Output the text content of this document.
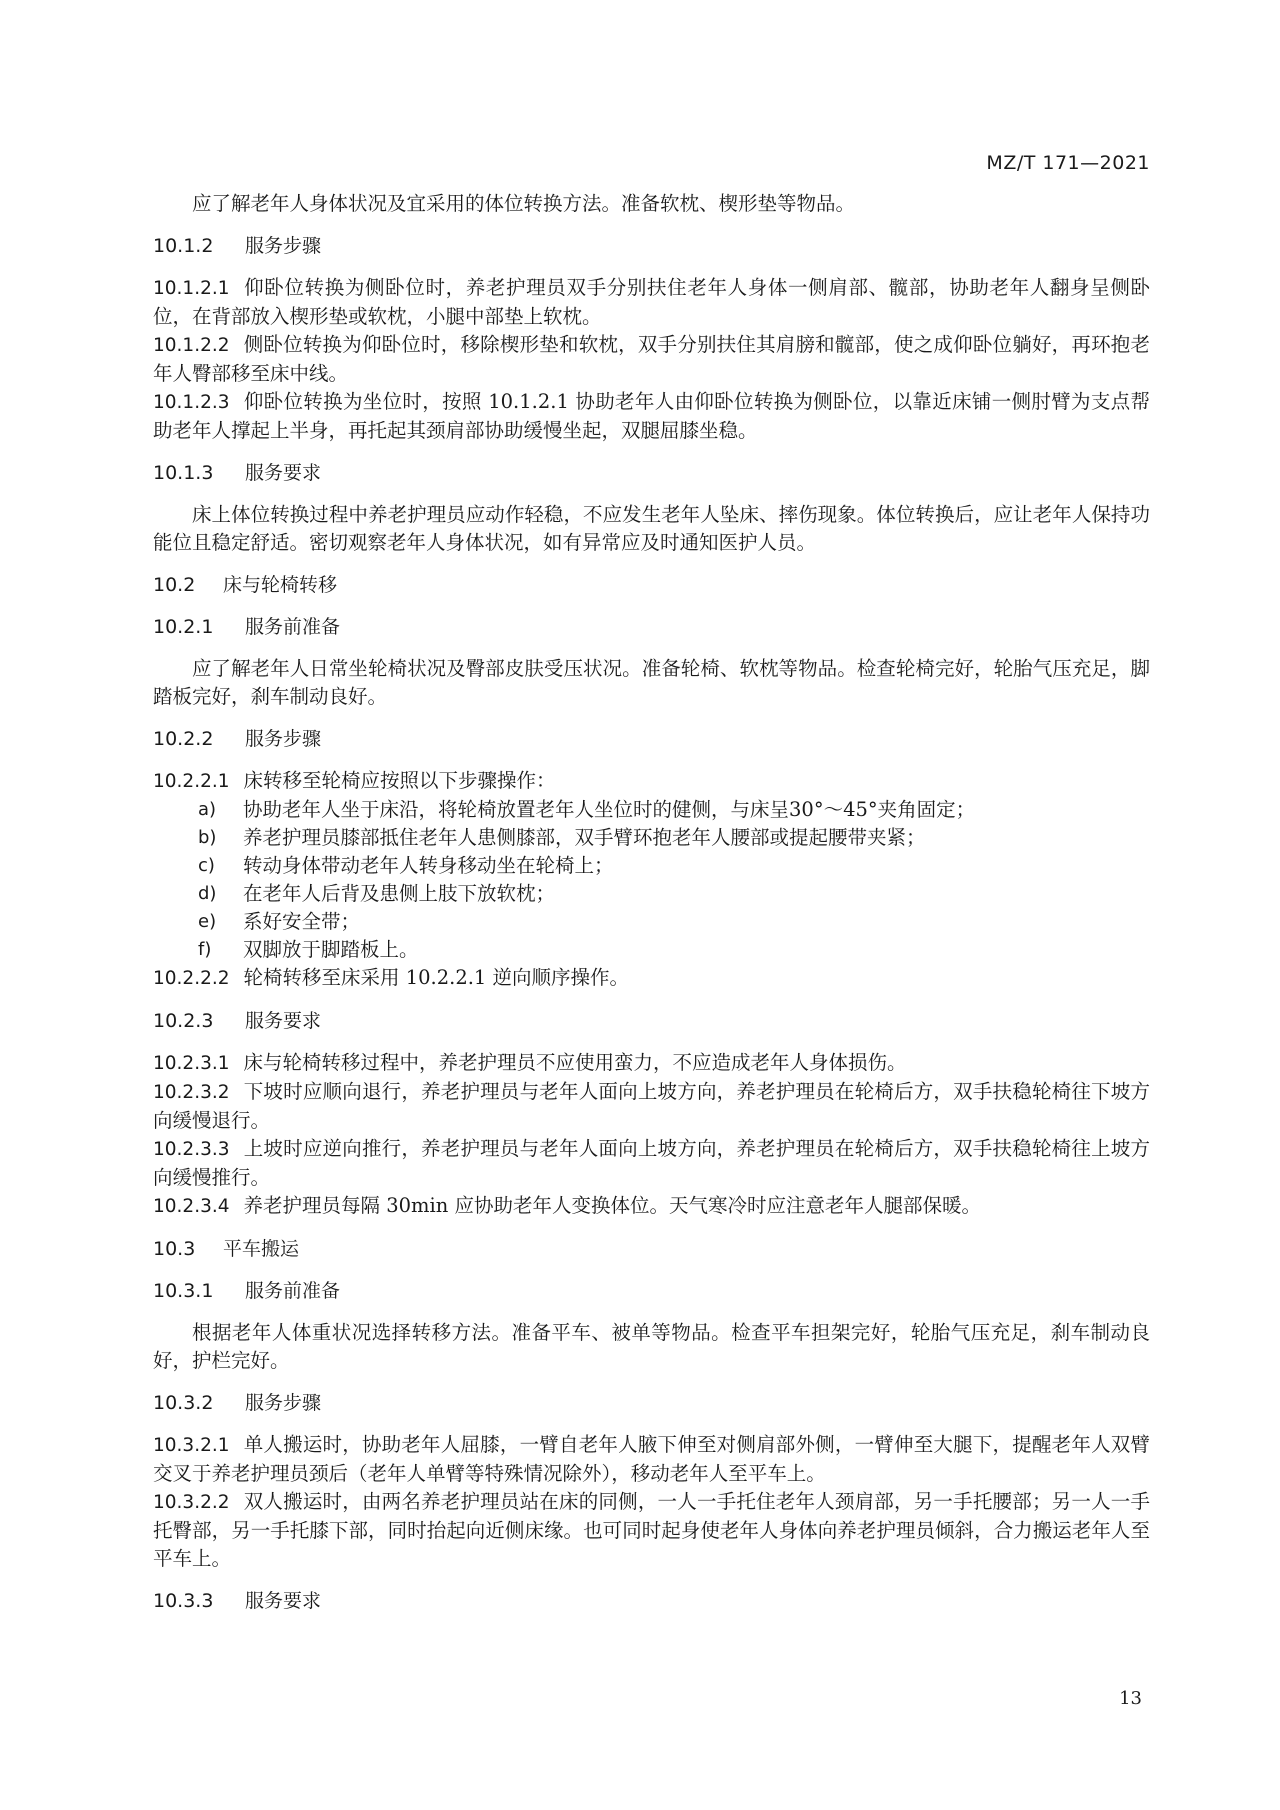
MZ/T 171—2021

应了解老年人身体状况及宜采用的体位转换方法。准备软枕、楔形垫等物品。

10.1.2 服务步骤

10.1.2.1 仰卧位转换为侧卧位时，养老护理员双手分别扶住老年人身体一侧肩部、髋部，协助老年人翻身呈侧卧位，在背部放入楔形垫或软枕，小腿中部垫上软枕。

10.1.2.2 侧卧位转换为仰卧位时，移除楔形垫和软枕，双手分别扶住其肩膀和髋部，使之成仰卧位躺好，再环抱老年人臀部移至床中线。

10.1.2.3 仰卧位转换为坐位时，按照 10.1.2.1 协助老年人由仰卧位转换为侧卧位，以靠近床铺一侧肘臂为支点帮助老年人撑起上半身，再托起其颈肩部协助缓慢坐起，双腿屈膝坐稳。

10.1.3 服务要求

床上体位转换过程中养老护理员应动作轻稳，不应发生老年人坠床、摔伤现象。体位转换后，应让老年人保持功能位且稳定舒适。密切观察老年人身体状况，如有异常应及时通知医护人员。

10.2 床与轮椅转移
10.2.1 服务前准备

应了解老年人日常坐轮椅状况及臀部皮肤受压状况。准备轮椅、软枕等物品。检查轮椅完好，轮胎气压充足，脚踏板完好，刹车制动良好。

10.2.2 服务步骤

10.2.2.1 床转移至轮椅应按照以下步骤操作：

a) 协助老年人坐于床沿，将轮椅放置老年人坐位时的健侧，与床呈30°～45°夹角固定；
b) 养老护理员膝部抵住老年人患侧膝部，双手臂环抱老年人腰部或提起腰带夹紧；
c) 转动身体带动老年人转身移动坐在轮椅上；
d) 在老年人后背及患侧上肢下放软枕；
e) 系好安全带；
f) 双脚放于脚踏板上。

10.2.2.2 轮椅转移至床采用 10.2.2.1 逆向顺序操作。

10.2.3 服务要求

10.2.3.1 床与轮椅转移过程中，养老护理员不应使用蛮力，不应造成老年人身体损伤。

10.2.3.2 下坡时应顺向退行，养老护理员与老年人面向上坡方向，养老护理员在轮椅后方，双手扶稳轮椅往下坡方向缓慢退行。

10.2.3.3 上坡时应逆向推行，养老护理员与老年人面向上坡方向，养老护理员在轮椅后方，双手扶稳轮椅往上坡方向缓慢推行。

10.2.3.4 养老护理员每隔 30min 应协助老年人变换体位。天气寒冷时应注意老年人腿部保暖。

10.3 平车搬运
10.3.1 服务前准备

根据老年人体重状况选择转移方法。准备平车、被单等物品。检查平车担架完好，轮胎气压充足，刹车制动良好，护栏完好。

10.3.2 服务步骤

10.3.2.1 单人搬运时，协助老年人屈膝，一臂自老年人腋下伸至对侧肩部外侧，一臂伸至大腿下，提醒老年人双臂交叉于养老护理员颈后（老年人单臂等特殊情况除外），移动老年人至平车上。

10.3.2.2 双人搬运时，由两名养老护理员站在床的同侧，一人一手托住老年人颈肩部，另一手托腰部；另一人一手托臀部，另一手托膝下部，同时抬起向近侧床缘。也可同时起身使老年人身体向养老护理员倾斜，合力搬运老年人至平车上。

10.3.3 服务要求
13
